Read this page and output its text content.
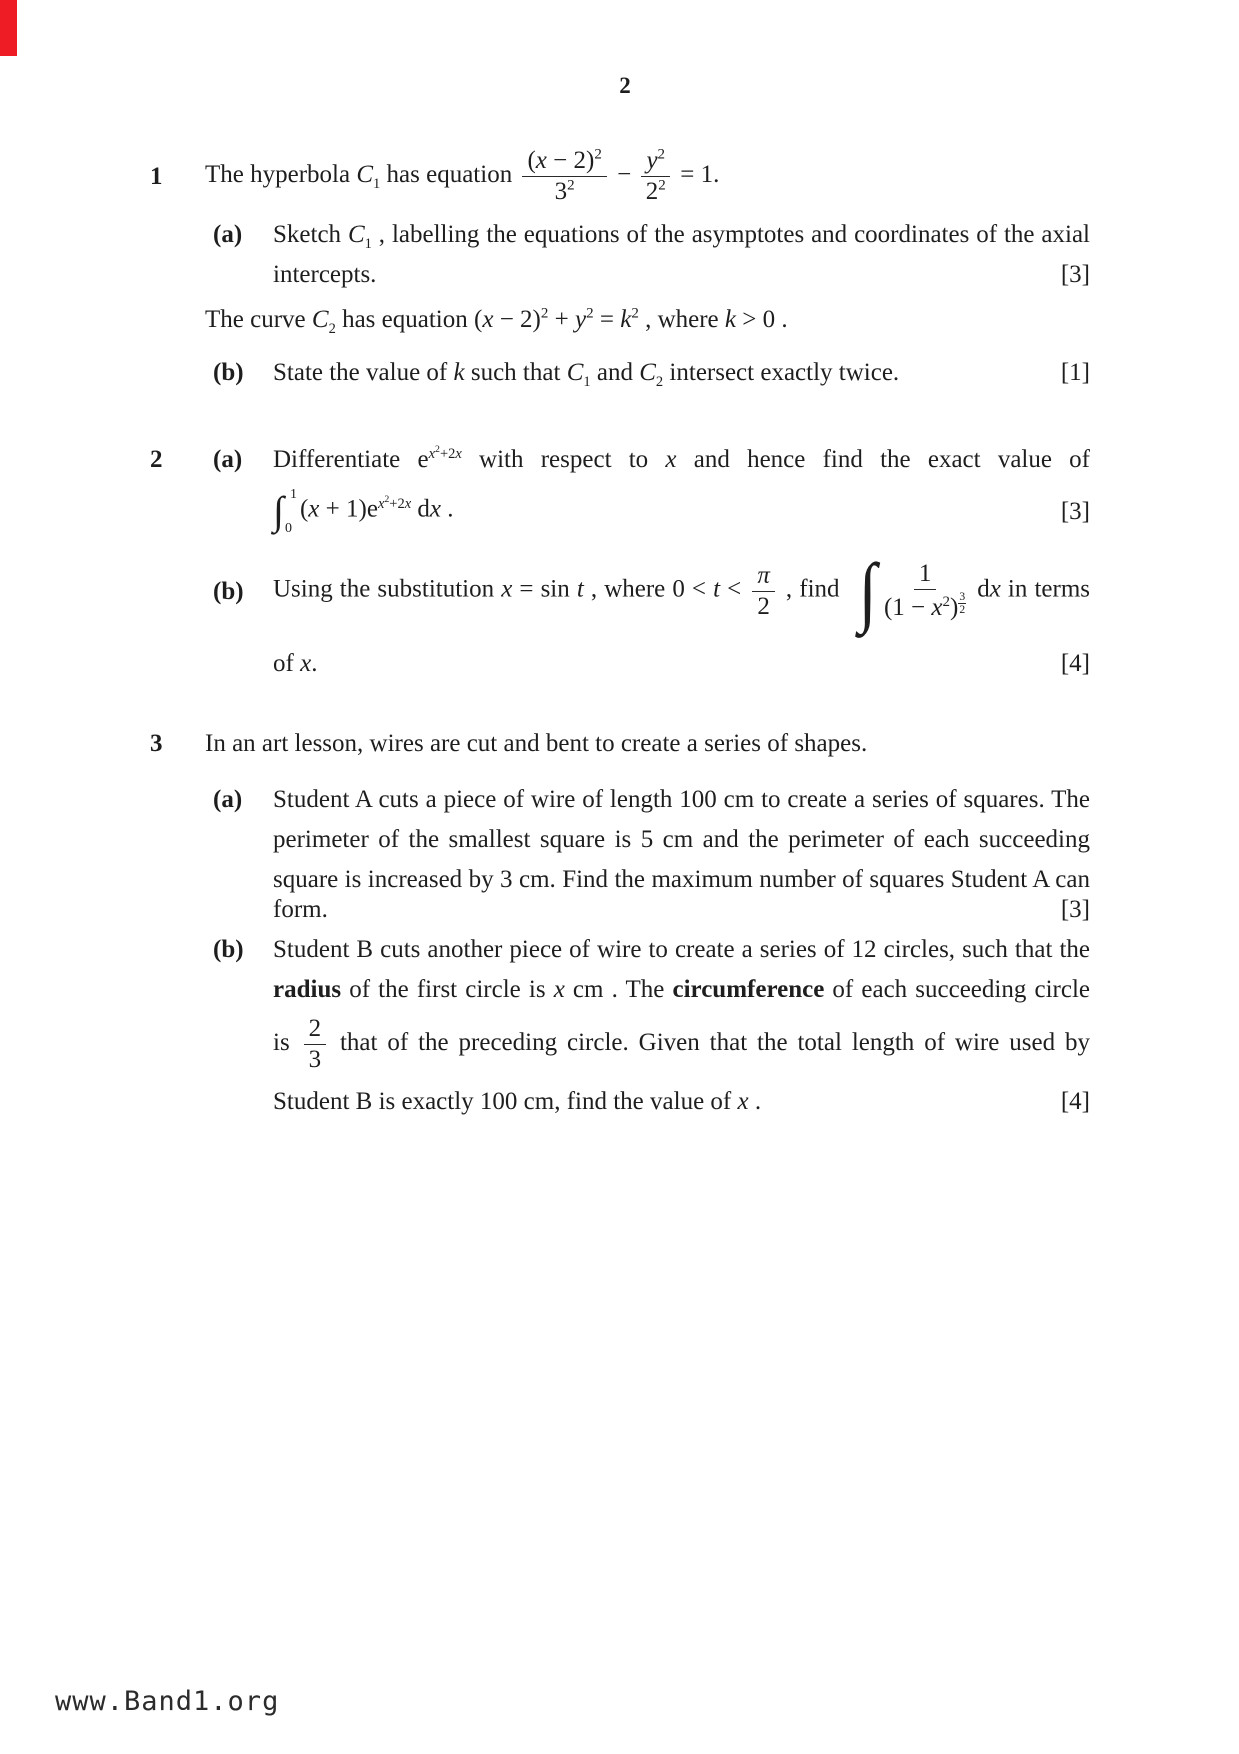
2
1 The hyperbola $C_1$ has equation $\frac{(x - 2)^2}{3^2} - \frac{y^2}{2^2} = 1$.
(a) Sketch $C_1$ , labelling the equations of the asymptotes and coordinates of the axial
intercepts.	[3]
The curve $C_2$ has equation $(x - 2)^2 + y^2 = k^2$ , where k > 0 .
(b) State the value of k such that $C_1$ and $C_2$ intersect exactly twice.	[1]
2 (a) Differentiate $ex^2+2x$ with respect to x and hence find the exact value of
∫ 1
0
$(x + 1)ex^2+2x$ dx .	[3]
(b) Using the substitution x = sin t , where $0 < t < \frac{\pi}{2}$ , find ∫ $\frac{1}{(1 - x^2) \frac{3}{2}}$ dx in terms
of x.	[4]
3 In an art lesson, wires are cut and bent to create a series of shapes.
(a) Student A cuts a piece of wire of length 100 cm to create a series of squares. The
perimeter of the smallest square is 5 cm and the perimeter of each succeeding
square is increased by 3 cm. Find the maximum number of squares Student A can
form.	[3]
(b) Student B cuts another piece of wire to create a series of 12 circles, such that the
radius of the first circle is x cm . The circumference of each succeeding circle
is $\frac{2}{3}$ that of the preceding circle. Given that the total length of wire used by
Student B is exactly 100 cm, find the value of x .	[4]
www.Band1.org
